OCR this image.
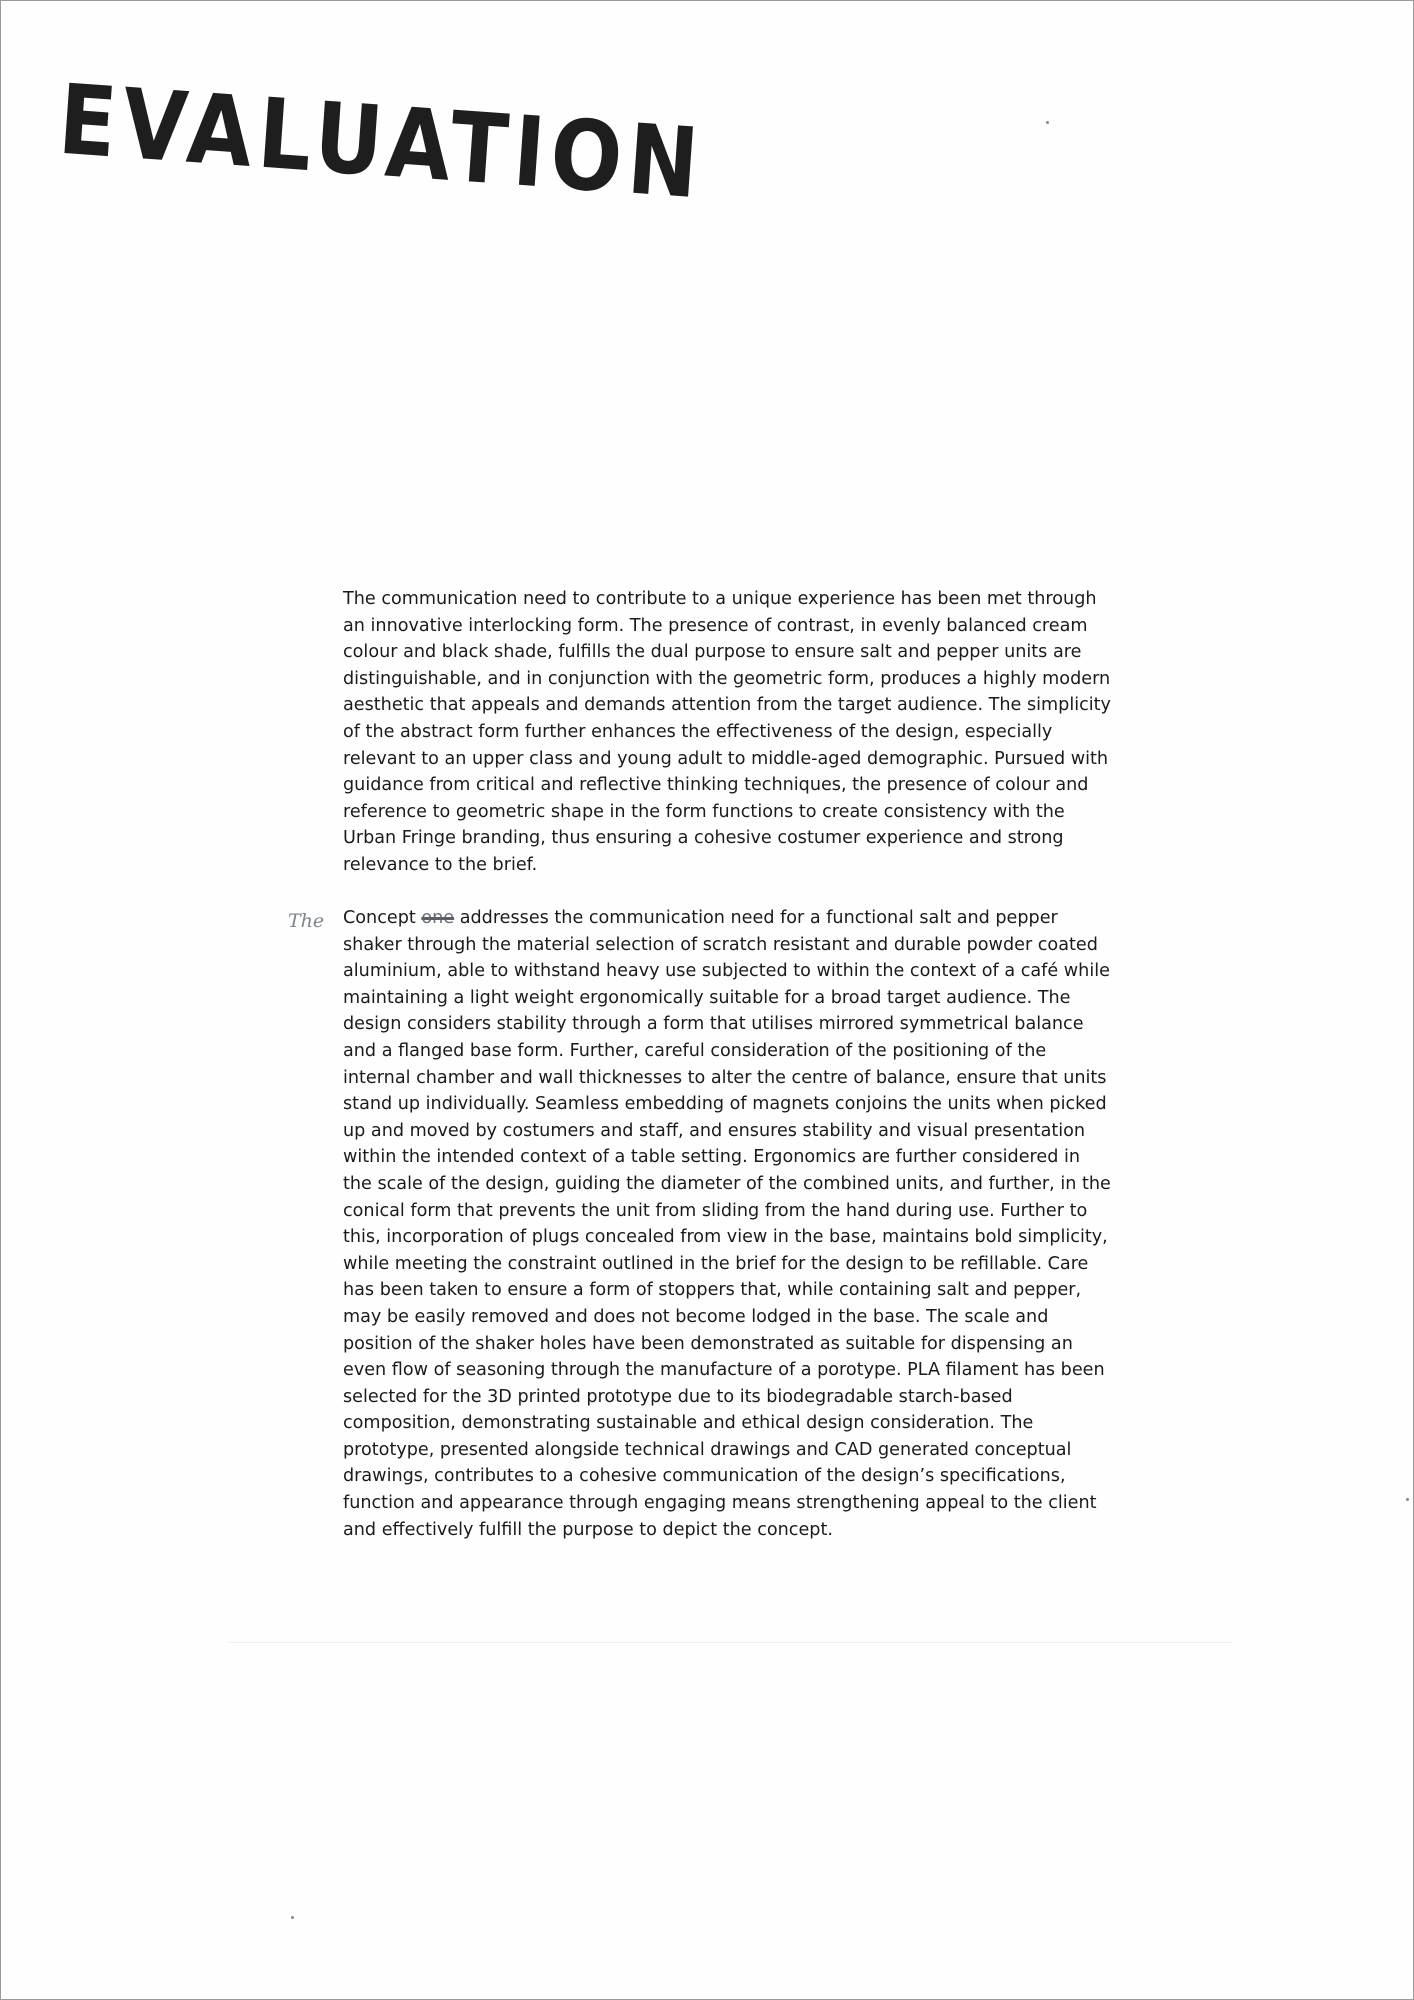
EVALUATION

The communication need to contribute to a unique experience has been met through an innovative interlocking form. The presence of contrast, in evenly balanced cream colour and black shade, fulfills the dual purpose to ensure salt and pepper units are distinguishable, and in conjunction with the geometric form, produces a highly modern aesthetic that appeals and demands attention from the target audience. The simplicity of the abstract form further enhances the effectiveness of the design, especially relevant to an upper class and young adult to middle-aged demographic. Pursued with guidance from critical and reflective thinking techniques, the presence of colour and reference to geometric shape in the form functions to create consistency with the Urban Fringe branding, thus ensuring a cohesive costumer experience and strong relevance to the brief.

The Concept one addresses the communication need for a functional salt and pepper shaker through the material selection of scratch resistant and durable powder coated aluminium, able to withstand heavy use subjected to within the context of a café while maintaining a light weight ergonomically suitable for a broad target audience. The design considers stability through a form that utilises mirrored symmetrical balance and a flanged base form. Further, careful consideration of the positioning of the internal chamber and wall thicknesses to alter the centre of balance, ensure that units stand up individually. Seamless embedding of magnets conjoins the units when picked up and moved by costumers and staff, and ensures stability and visual presentation within the intended context of a table setting. Ergonomics are further considered in the scale of the design, guiding the diameter of the combined units, and further, in the conical form that prevents the unit from sliding from the hand during use. Further to this, incorporation of plugs concealed from view in the base, maintains bold simplicity, while meeting the constraint outlined in the brief for the design to be refillable. Care has been taken to ensure a form of stoppers that, while containing salt and pepper, may be easily removed and does not become lodged in the base. The scale and position of the shaker holes have been demonstrated as suitable for dispensing an even flow of seasoning through the manufacture of a porotype. PLA filament has been selected for the 3D printed prototype due to its biodegradable starch-based composition, demonstrating sustainable and ethical design consideration. The prototype, presented alongside technical drawings and CAD generated conceptual drawings, contributes to a cohesive communication of the design’s specifications, function and appearance through engaging means strengthening appeal to the client and effectively fulfill the purpose to depict the concept.
